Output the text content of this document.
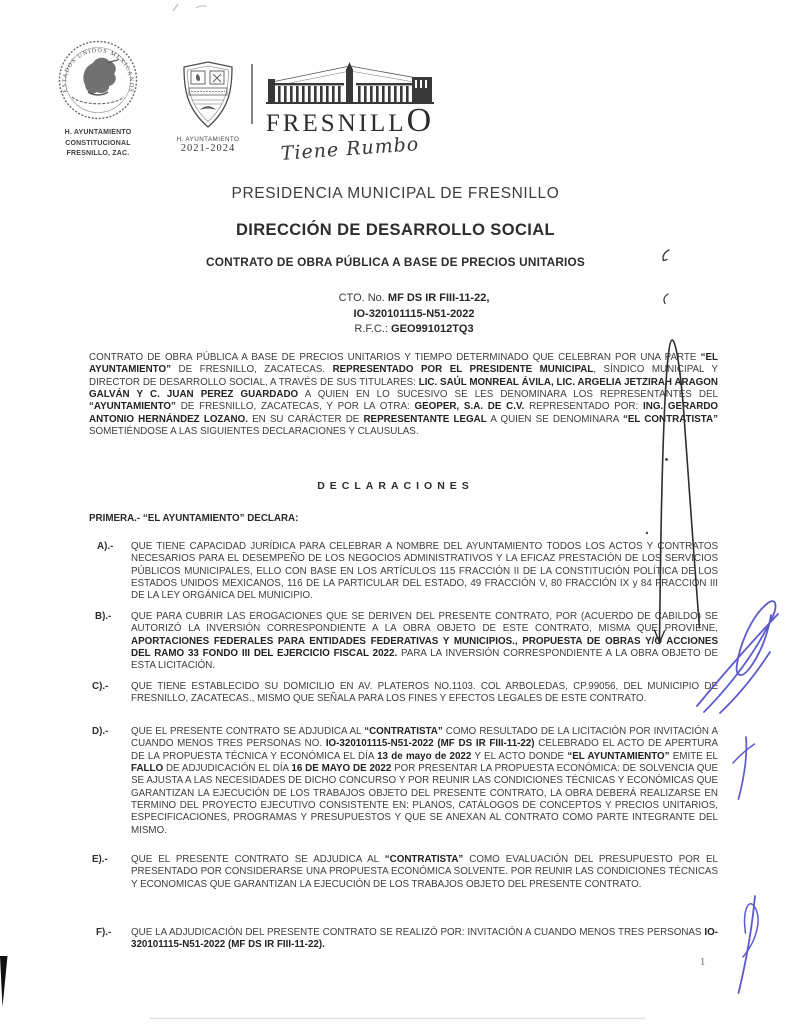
ESTADOS UNIDOS MEXICANOS
H. AYUNTAMIENTO
CONSTITUCIONAL
FRESNILLO, ZAC.
H. AYUNTAMIENTO
2021-2024
FRESNILLO
Tiene Rumbo
PRESIDENCIA MUNICIPAL DE FRESNILLO
DIRECCIÓN DE DESARROLLO SOCIAL
CONTRATO DE OBRA PÚBLICA A BASE DE PRECIOS UNITARIOS
CTO. No. MF DS IR FIII-11-22,
IO-320101115-N51-2022
R.F.C.: GEO991012TQ3
CONTRATO DE OBRA PÚBLICA A BASE DE PRECIOS UNITARIOS Y TIEMPO DETERMINADO QUE CELEBRAN POR UNA PARTE “EL AYUNTAMIENTO” DE FRESNILLO, ZACATECAS. REPRESENTADO POR EL PRESIDENTE MUNICIPAL, SÍNDICO MUNICIPAL Y DIRECTOR DE DESARROLLO SOCIAL, A TRAVÉS DE SUS TITULARES: LIC. SAÚL MONREAL ÁVILA, LIC. ARGELIA JETZIRAH ARAGON GALVÁN Y C. JUAN PEREZ GUARDADO A QUIEN EN LO SUCESIVO SE LES DENOMINARA LOS REPRESENTANTES DEL “AYUNTAMIENTO” DE FRESNILLO, ZACATECAS, Y POR LA OTRA: GEOPER, S.A. DE C.V. REPRESENTADO POR: ING. GERARDO ANTONIO HERNÁNDEZ LOZANO. EN SU CARÁCTER DE REPRESENTANTE LEGAL A QUIEN SE DENOMINARA “EL CONTRATISTA” SOMETIÉNDOSE A LAS SIGUIENTES DECLARACIONES Y CLAUSULAS.
DECLARACIONES
PRIMERA.- “EL AYUNTAMIENTO” DECLARA:
A).- QUE TIENE CAPACIDAD JURÍDICA PARA CELEBRAR A NOMBRE DEL AYUNTAMIENTO TODOS LOS ACTOS Y CONTRATOS NECESARIOS PARA EL DESEMPEÑO DE LOS NEGOCIOS ADMINISTRATIVOS Y LA EFICAZ PRESTACIÓN DE LOS SERVICIOS PÚBLICOS MUNICIPALES, ELLO CON BASE EN LOS ARTÍCULOS 115 FRACCIÓN II DE LA CONSTITUCIÓN POLÍTICA DE LOS ESTADOS UNIDOS MEXICANOS, 116 DE LA PARTICULAR DEL ESTADO, 49 FRACCIÓN V, 80 FRACCIÓN IX y 84 FRACCIÓN III DE LA LEY ORGÁNICA DEL MUNICIPIO.
B).- QUE PARA CUBRIR LAS EROGACIONES QUE SE DERIVEN DEL PRESENTE CONTRATO, POR (ACUERDO DE CABILDO) SE AUTORIZÓ LA INVERSIÓN CORRESPONDIENTE A LA OBRA OBJETO DE ESTE CONTRATO, MISMA QUE PROVIENE, APORTACIONES FEDERALES PARA ENTIDADES FEDERATIVAS Y MUNICIPIOS., PROPUESTA DE OBRAS Y/O ACCIONES DEL RAMO 33 FONDO III DEL EJERCICIO FISCAL 2022. PARA LA INVERSIÓN CORRESPONDIENTE A LA OBRA OBJETO DE ESTA LICITACIÓN.
C).- QUE TIENE ESTABLECIDO SU DOMICILIO EN AV. PLATEROS NO.1103. COL ARBOLEDAS, CP.99056, DEL MUNICIPIO DE FRESNILLO, ZACATECAS., MISMO QUE SEÑALA PARA LOS FINES Y EFECTOS LEGALES DE ESTE CONTRATO.
D).- QUE EL PRESENTE CONTRATO SE ADJUDICA AL “CONTRATISTA” COMO RESULTADO DE LA LICITACIÓN POR INVITACIÓN A CUANDO MENOS TRES PERSONAS NO. IO-320101115-N51-2022 (MF DS IR FIII-11-22) CELEBRADO EL ACTO DE APERTURA DE LA PROPUESTA TÉCNICA Y ECONÓMICA EL DÍA 13 de mayo de 2022 Y EL ACTO DONDE “EL AYUNTAMIENTO” EMITE EL FALLO DE ADJUDICACIÓN EL DÍA 16 DE MAYO DE 2022 POR PRESENTAR LA PROPUESTA ECONÓMICA: DE SOLVENCIA QUE SE AJUSTA A LAS NECESIDADES DE DICHO CONCURSO Y POR REUNIR LAS CONDICIONES TÉCNICAS Y ECONÓMICAS QUE GARANTIZAN LA EJECUCIÓN DE LOS TRABAJOS OBJETO DEL PRESENTE CONTRATO, LA OBRA DEBERÁ REALIZARSE EN TERMINO DEL PROYECTO EJECUTIVO CONSISTENTE EN: PLANOS, CATÁLOGOS DE CONCEPTOS Y PRECIOS UNITARIOS, ESPECIFICACIONES, PROGRAMAS Y PRESUPUESTOS Y QUE SE ANEXAN AL CONTRATO COMO PARTE INTEGRANTE DEL MISMO.
E).- QUE EL PRESENTE CONTRATO SE ADJUDICA AL “CONTRATISTA” COMO EVALUACIÓN DEL PRESUPUESTO POR EL PRESENTADO POR CONSIDERARSE UNA PROPUESTA ECONÓMICA SOLVENTE. POR REUNIR LAS CONDICIONES TÉCNICAS Y ECONOMICAS QUE GARANTIZAN LA EJECUCIÓN DE LOS TRABAJOS OBJETO DEL PRESENTE CONTRATO.
F).- QUE LA ADJUDICACIÓN DEL PRESENTE CONTRATO SE REALIZÓ POR: INVITACIÓN A CUANDO MENOS TRES PERSONAS IO-320101115-N51-2022 (MF DS IR FIII-11-22).
1
